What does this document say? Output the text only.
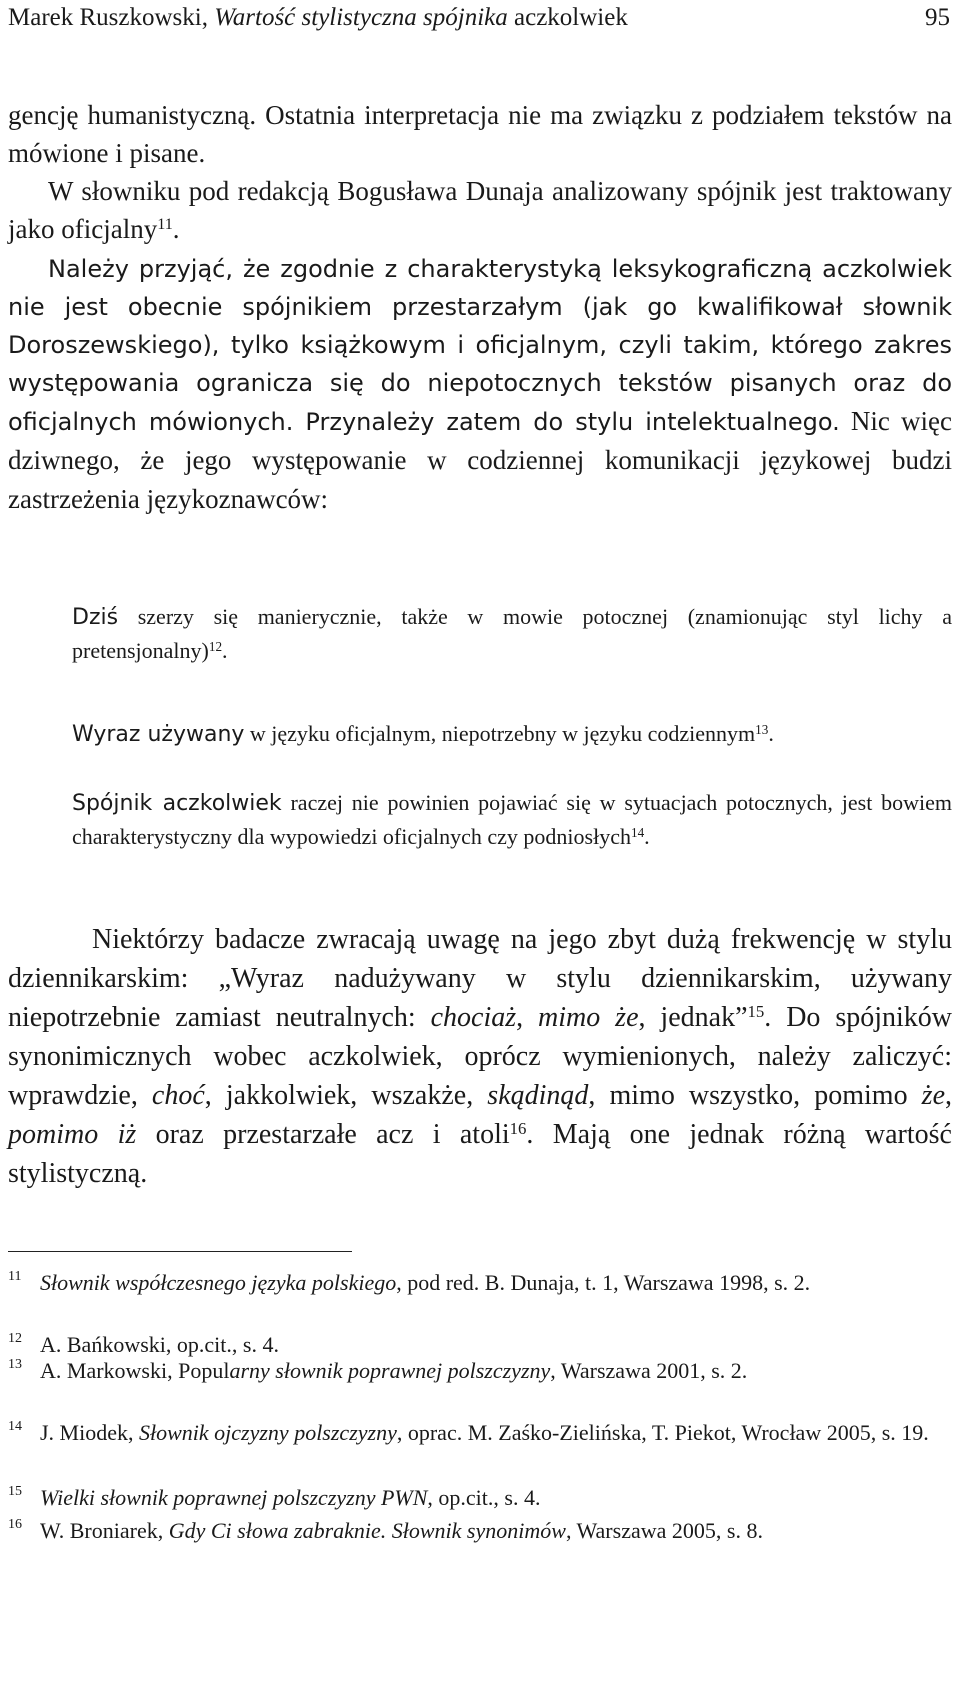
Marek Ruszkowski, Wartość stylistyczna spójnika aczkolwiek	95

gencję humanistyczną. Ostatnia interpretacja nie ma związku z podziałem tekstów na mówione i pisane.
W słowniku pod redakcją Bogusława Dunaja analizowany spójnik jest traktowany jako oficjalny$^{11}$.

Należy przyjąć, że zgodnie z charakterystyką leksykograficzną aczkolwiek nie jest obecnie spójnikiem przestarzałym (jak go kwalifikował słownik Doroszewskiego), tylko książkowym i oficjalnym, czyli takim, którego zakres występowania ogranicza się do niepotocznych tekstów pisanych oraz do oficjalnych mówionych. Przynależy zatem do stylu intelektualnego. Nic więc dziwnego, że jego występowanie w codziennej komunikacji językowej budzi zastrzeżenia językoznawców:

Dziś szerzy się manierycznie, także w mowie potocznej (znamionując styl lichy a pretensjonalny)$^{12}$.

Wyraz używany w języku oficjalnym, niepotrzebny w języku codziennym$^{13}$.

Spójnik aczkolwiek raczej nie powinien pojawiać się w sytuacjach potocznych, jest bowiem charakterystyczny dla wypowiedzi oficjalnych czy podniosłych$^{14}$.

Niektórzy badacze zwracają uwagę na jego zbyt dużą frekwencję w stylu dziennikarskim: „Wyraz nadużywany w stylu dziennikarskim, używany niepotrzebnie zamiast neutralnych: chociaż, mimo że, jednak”$^{15}$. Do spójników synonimicznych wobec aczkolwiek, oprócz wymienionych, należy zaliczyć: wprawdzie, choć, jakkolwiek, wszakże, skądinąd, mimo wszystko, pomimo że, pomimo iż oraz przestarzałe acz i atoli$^{16}$. Mają one jednak różną wartość stylistyczną.

11 Słownik współczesnego języka polskiego, pod red. B. Dunaja, t. 1, Warszawa 1998, s. 2.
12 A. Bańkowski, op.cit., s. 4.
13 A. Markowski, Popularny słownik poprawnej polszczyzny, Warszawa 2001, s. 2.
14 J. Miodek, Słownik ojczyzny polszczyzny, oprac. M. Zaśko-Zielińska, T. Piekot, Wrocław 2005, s. 19.
15 Wielki słownik poprawnej polszczyzny PWN, op.cit., s. 4.
16 W. Broniarek, Gdy Ci słowa zabraknie. Słownik synonimów, Warszawa 2005, s. 8.
